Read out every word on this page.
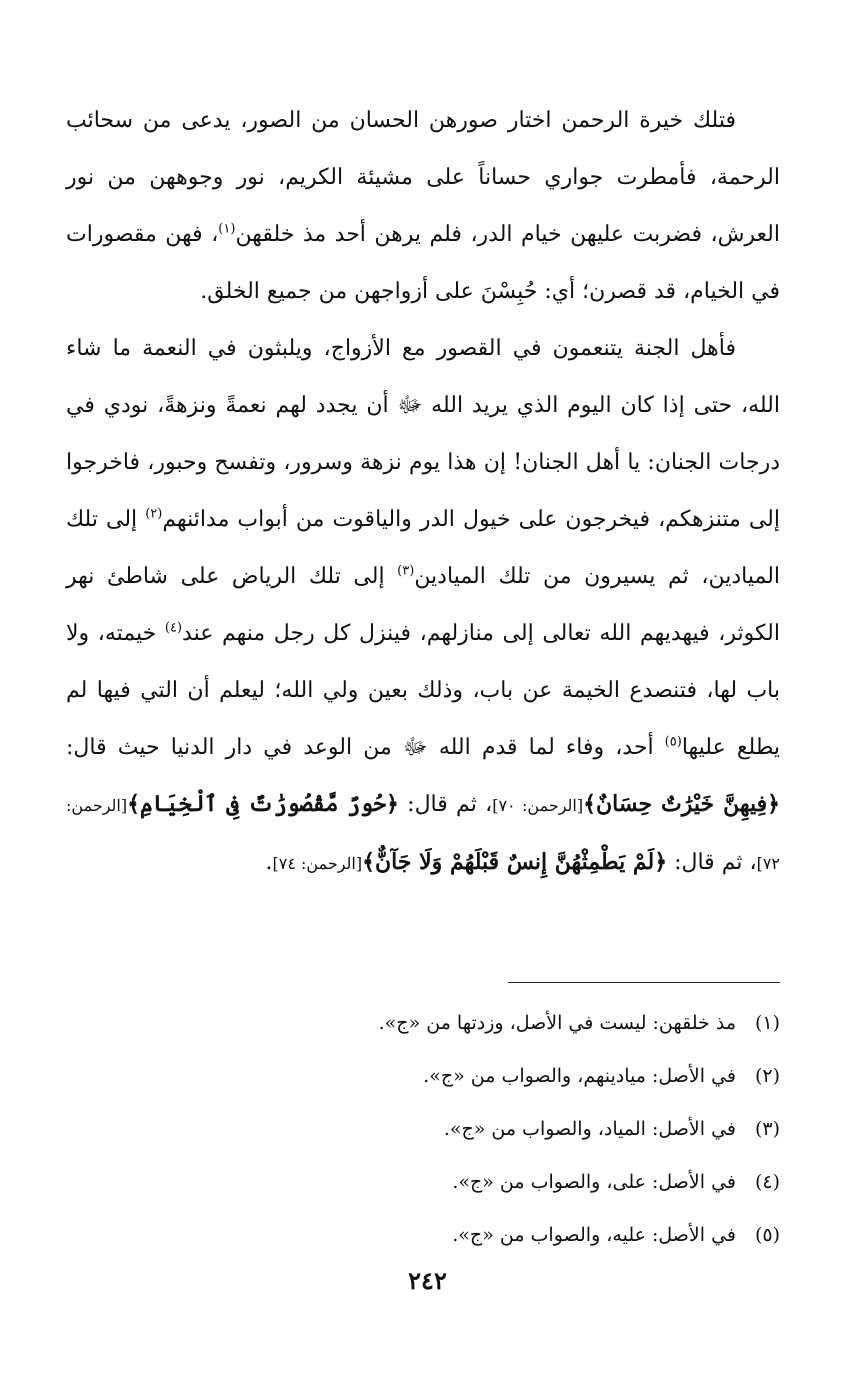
فتلك خيرة الرحمن اختار صورهن الحسان من الصور، يدعى من سحائب الرحمة، فأمطرت جواري حساناً على مشيئة الكريم، نور وجوههن من نور العرش، فضربت عليهن خيام الدر، فلم يرهن أحد مذ خلقهن$^{(١)}$، فهن مقصورات في الخيام، قد قصرن؛ أي: حُبِسْنَ على أزواجهن من جميع الخلق.

فأهل الجنة يتنعمون في القصور مع الأزواج، ويلبثون في النعمة ما شاء الله، حتى إذا كان اليوم الذي يريد الله ﷻ أن يجدد لهم نعمةً ونزهةً، نودي في درجات الجنان: يا أهل الجنان! إن هذا يوم نزهة وسرور، وتفسح وحبور، فاخرجوا إلى متنزهكم، فيخرجون على خيول الدر والياقوت من أبواب مدائنهم$^{(٢)}$ إلى تلك الميادين، ثم يسيرون من تلك الميادين$^{(٣)}$ إلى تلك الرياض على شاطئ نهر الكوثر، فيهديهم الله تعالى إلى منازلهم، فينزل كل رجل منهم عند$^{(٤)}$ خيمته، ولا باب لها، فتنصدع الخيمة عن باب، وذلك بعين ولي الله؛ ليعلم أن التي فيها لم يطلع عليها$^{(٥)}$ أحد، وفاء لما قدم الله ﷻ من الوعد في دار الدنيا حيث قال: ﴿فِيهِنَّ خَيْرَٰتٌ حِسَانٌ﴾[الرحمن: ٧٠]، ثم قال: ﴿حُورٌ مَّقْصُورَٰتٌ فِى ٱلْخِيَامِ﴾[الرحمن: ٧٢]، ثم قال: ﴿لَمْ يَطْمِثْهُنَّ إِنسٌ قَبْلَهُمْ وَلَا جَآنٌّ﴾[الرحمن: ٧٤].

(١)مذ خلقهن: ليست في الأصل، وزدتها من «ج».
(٢)في الأصل: ميادينهم، والصواب من «ج».
(٣)في الأصل: المياد، والصواب من «ج».
(٤)في الأصل: على، والصواب من «ج».
(٥)في الأصل: عليه، والصواب من «ج».
٢٤٢
